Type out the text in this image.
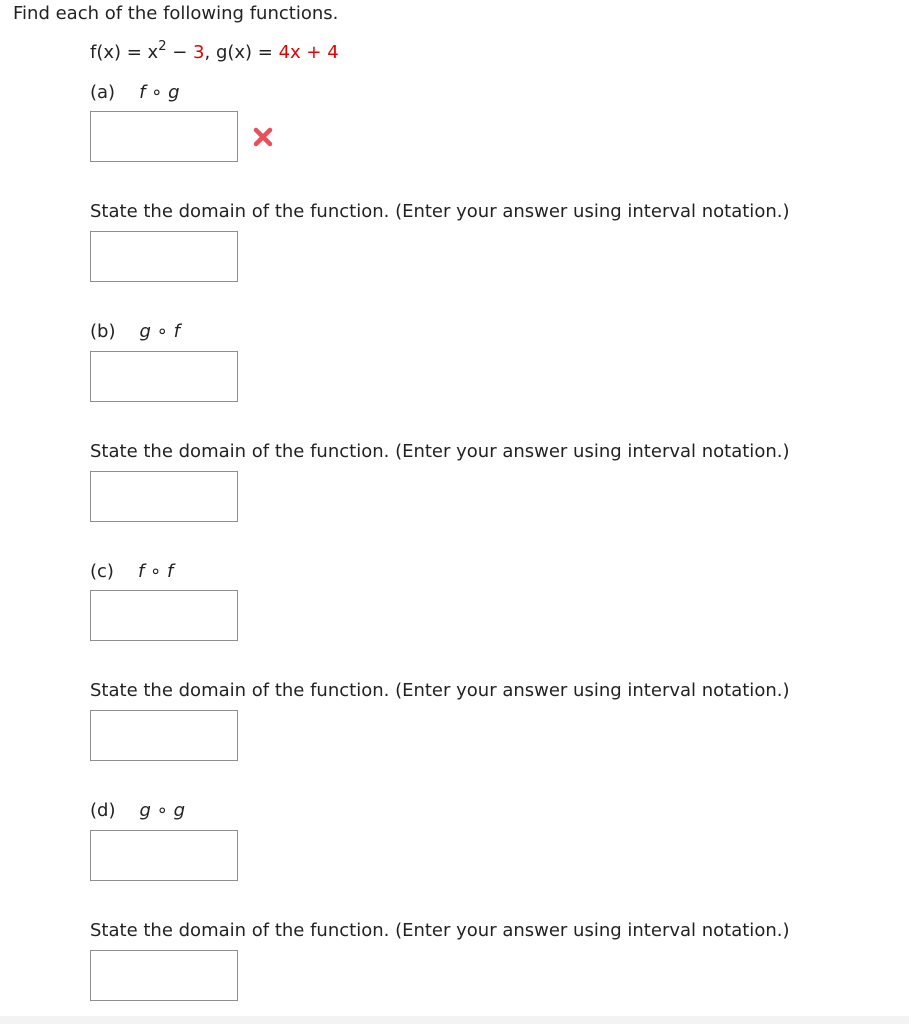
Find each of the following functions.

$f(x) = x^2 - 3$, g(x) = 4x + 4
(a) f ∘ g
State the domain of the function. (Enter your answer using interval notation.)
(b) g ∘ f
State the domain of the function. (Enter your answer using interval notation.)
(c) f ∘ f
State the domain of the function. (Enter your answer using interval notation.)
(d) g ∘ g
State the domain of the function. (Enter your answer using interval notation.)
